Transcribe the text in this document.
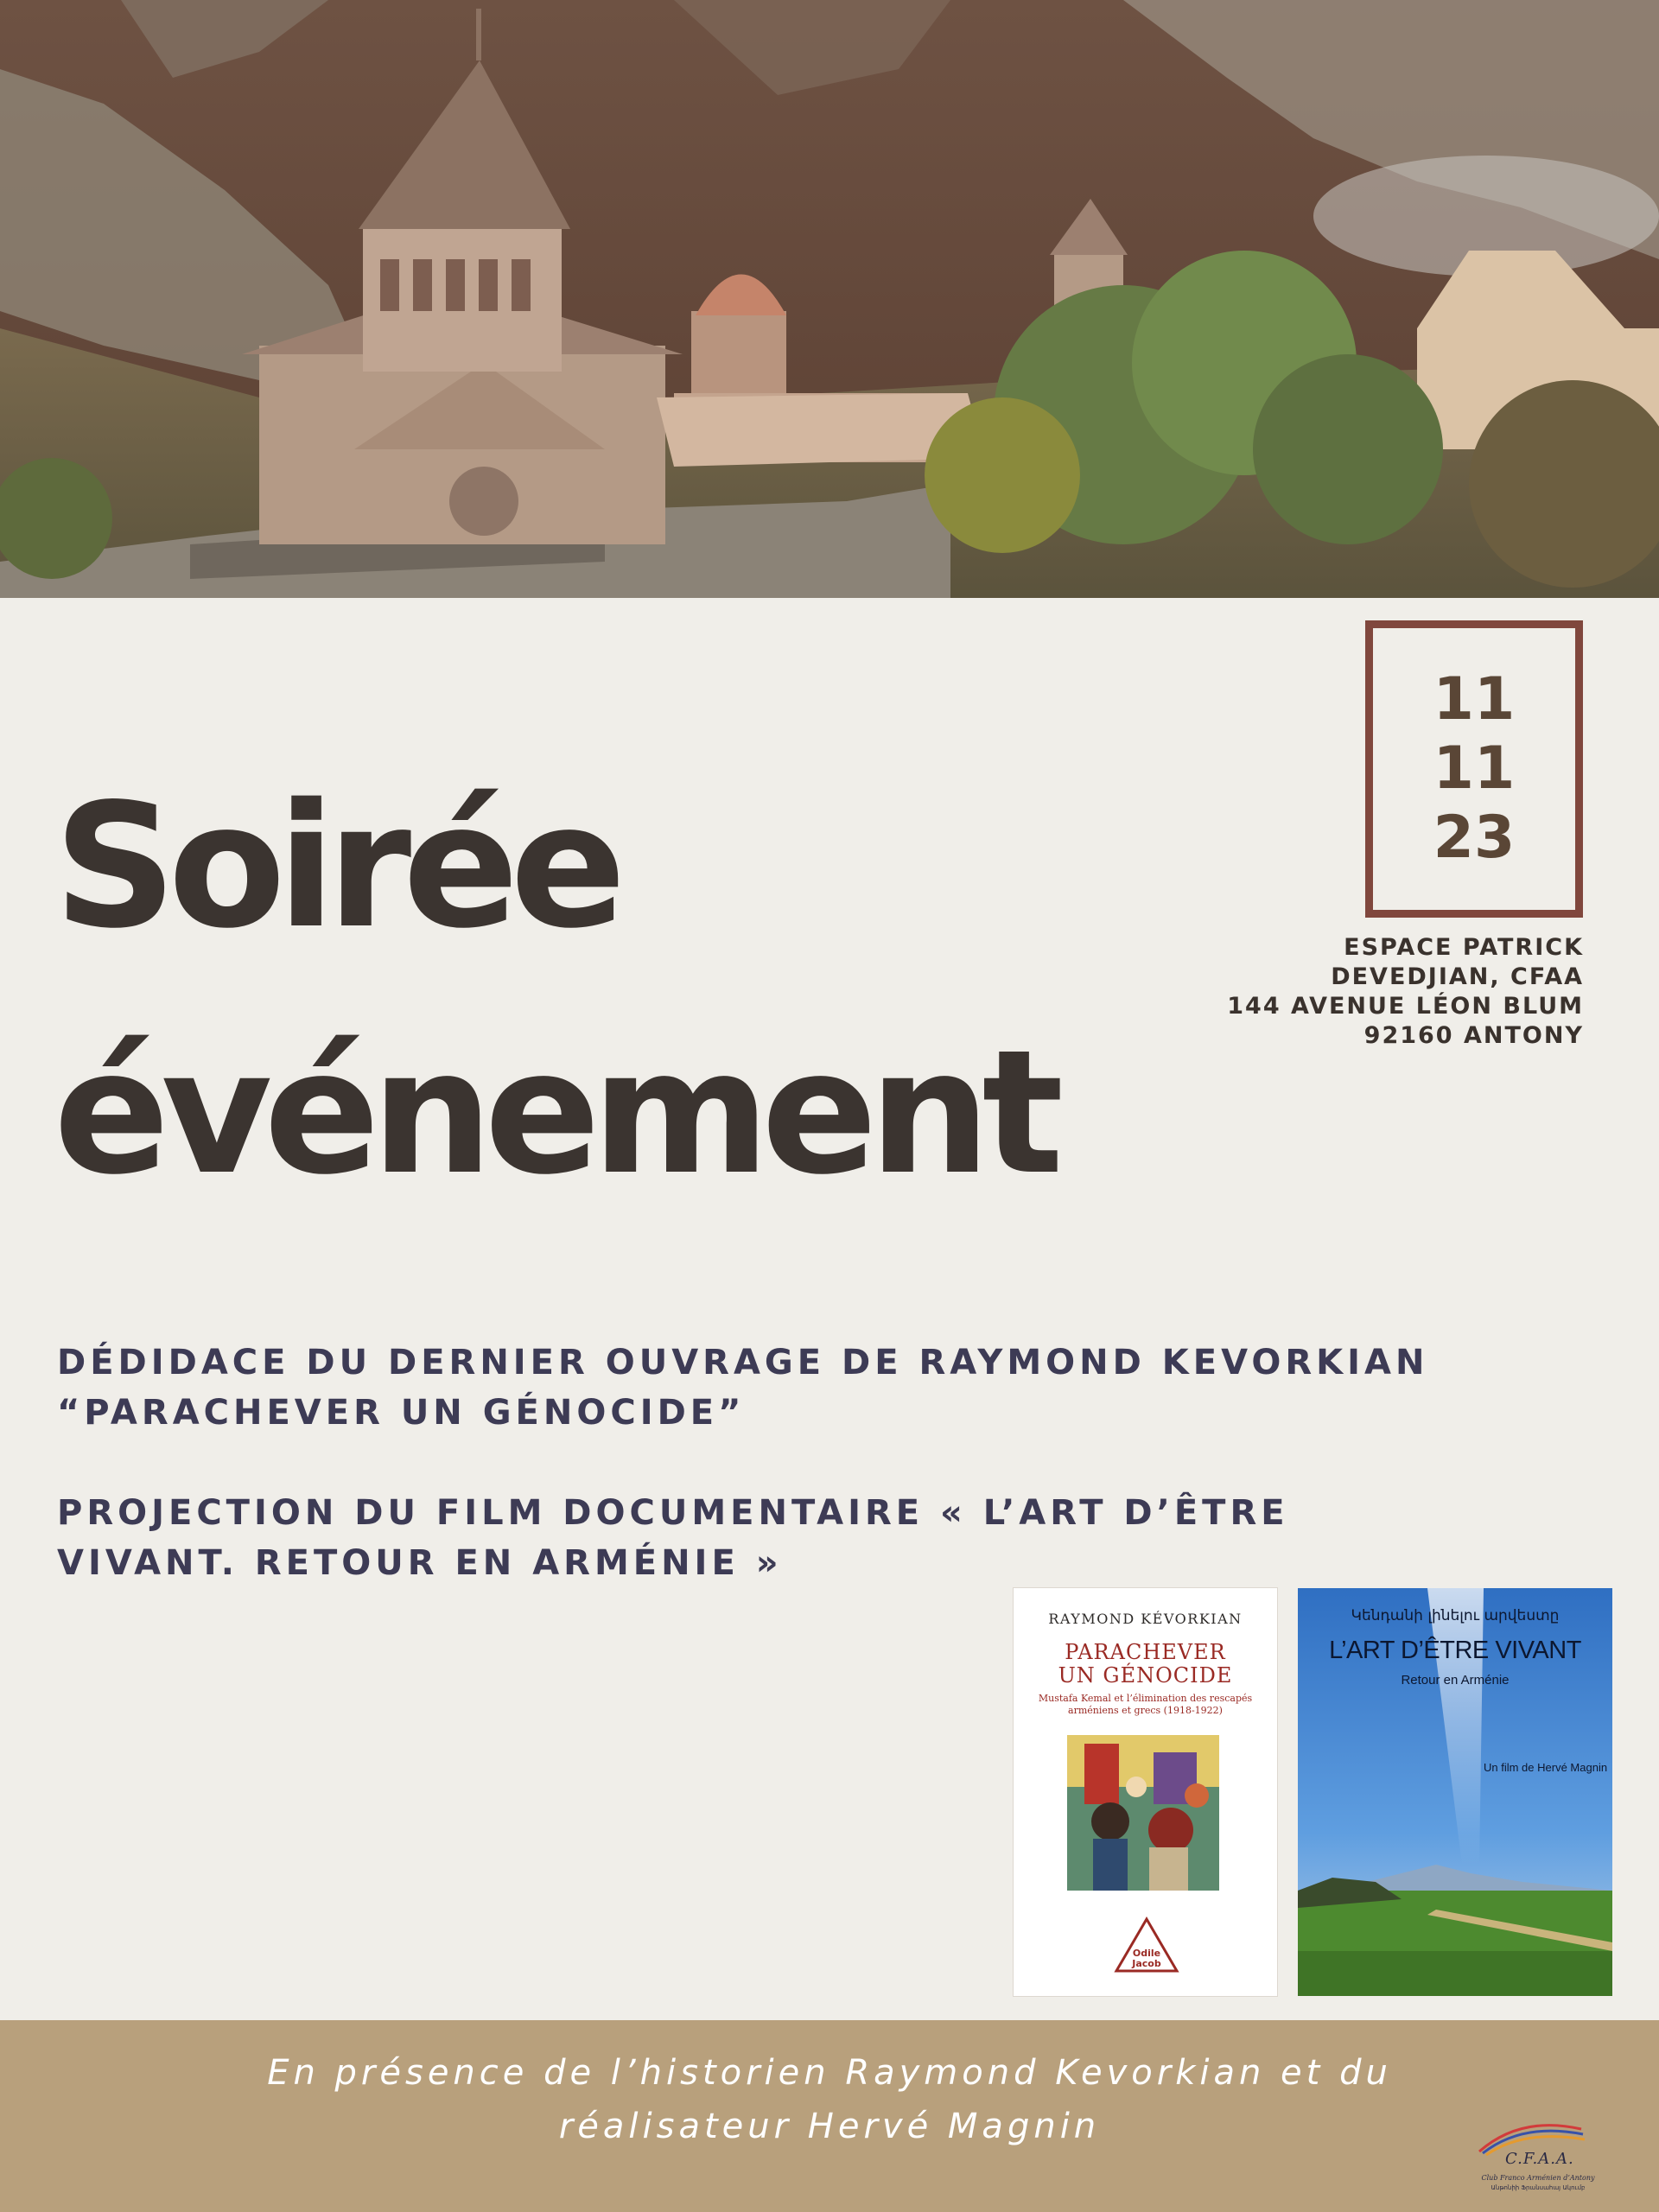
11
11
23
ESPACE PATRICK
DEVEDJIAN, CFAA
144 AVENUE LÉON BLUM
92160 ANTONY
Soirée
événement
DÉDIDACE DU DERNIER OUVRAGE DE RAYMOND KEVORKIAN
“PARACHEVER UN GÉNOCIDE”
PROJECTION DU FILM DOCUMENTAIRE « L’ART D’ÊTRE
VIVANT. RETOUR EN ARMÉNIE »
RAYMOND KÉVORKIAN
PARACHEVER
UN GÉNOCIDE
Mustafa Kemal et l’élimination des rescapés arméniens et grecs (1918-1922)
Odile
Jacob
Կենդանի լինելու արվեստը
L’ART D’ÊTRE VIVANT
Retour en Arménie
Un film de Hervé Magnin
En présence de l’historien Raymond Kevorkian et du
réalisateur Hervé Magnin
C.F.A.A.
Club Franco Arménien d’Antony
Անթոնիի Ֆրանսահայ Ակումբ
